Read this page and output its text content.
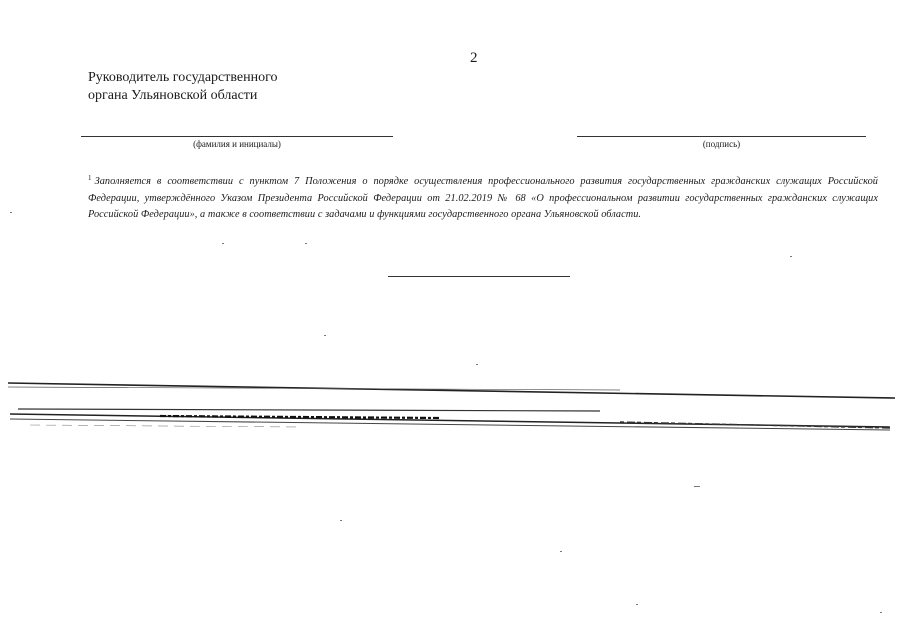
2
Руководитель государственного
органа Ульяновской области
(фамилия и инициалы)	(подпись)
$^1$ Заполняется в соответствии с пунктом 7 Положения о порядке осуществления профессионального развития государственных гражданских служащих Российской Федерации, утверждённого Указом Президента Российской Федерации от 21.02.2019 № 68 «О профессиональном развитии государственных гражданских служащих Российской Федерации», а также в соответствии с задачами и функциями государственного органа Ульяновской области.
